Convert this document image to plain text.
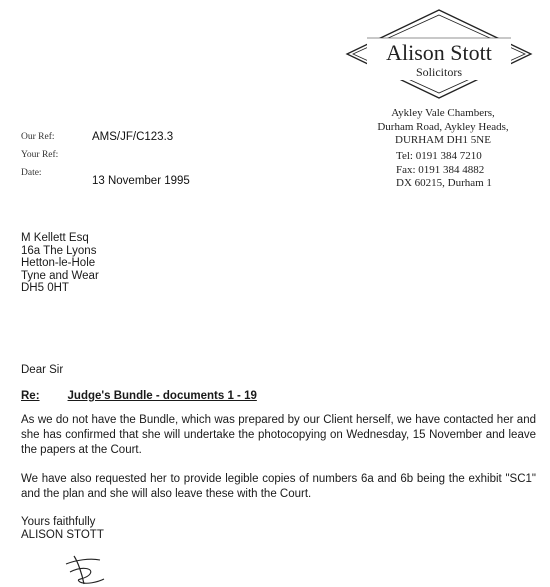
Alison Stott
Solicitors
Aykley Vale Chambers,
Durham Road, Aykley Heads,
DURHAM DH1 5NE
Tel: 0191 384 7210
Fax: 0191 384 4882
DX 60215, Durham 1
Our Ref:	AMS/JF/C123.3
Your Ref:
Date:
13 November 1995
M Kellett Esq
16a The Lyons
Hetton-le-Hole
Tyne and Wear
DH5 0HT
Dear Sir
Re: Judge's Bundle - documents 1 - 19
As we do not have the Bundle, which was prepared by our Client herself, we have contacted her and she has confirmed that she will undertake the photocopying on Wednesday, 15 November and leave the papers at the Court.
We have also requested her to provide legible copies of numbers 6a and 6b being the exhibit "SC1" and the plan and she will also leave these with the Court.
Yours faithfully
ALISON STOTT
